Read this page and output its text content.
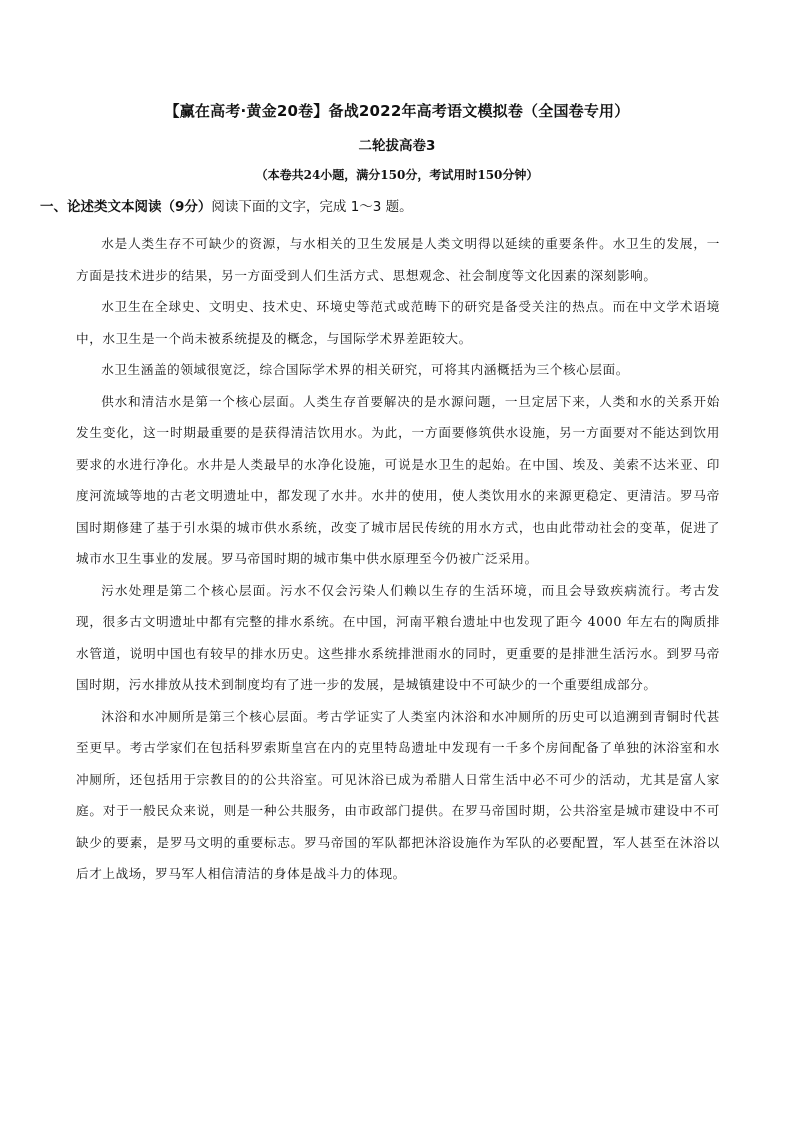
【赢在高考·黄金20卷】备战2022年高考语文模拟卷（全国卷专用）
二轮拔高卷3
（本卷共24小题，满分150分，考试用时150分钟）
一、论述类文本阅读（9分）阅读下面的文字，完成 1～3 题。

水是人类生存不可缺少的资源，与水相关的卫生发展是人类文明得以延续的重要条件。水卫生的发展，一方面是技术进步的结果，另一方面受到人们生活方式、思想观念、社会制度等文化因素的深刻影响。

水卫生在全球史、文明史、技术史、环境史等范式或范畴下的研究是备受关注的热点。而在中文学术语境中，水卫生是一个尚未被系统提及的概念，与国际学术界差距较大。

水卫生涵盖的领域很宽泛，综合国际学术界的相关研究，可将其内涵概括为三个核心层面。

供水和清洁水是第一个核心层面。人类生存首要解决的是水源问题，一旦定居下来，人类和水的关系开始发生变化，这一时期最重要的是获得清洁饮用水。为此，一方面要修筑供水设施，另一方面要对不能达到饮用要求的水进行净化。水井是人类最早的水净化设施，可说是水卫生的起始。在中国、埃及、美索不达米亚、印度河流域等地的古老文明遗址中，都发现了水井。水井的使用，使人类饮用水的来源更稳定、更清洁。罗马帝国时期修建了基于引水渠的城市供水系统，改变了城市居民传统的用水方式，也由此带动社会的变革，促进了城市水卫生事业的发展。罗马帝国时期的城市集中供水原理至今仍被广泛采用。

污水处理是第二个核心层面。污水不仅会污染人们赖以生存的生活环境，而且会导致疾病流行。考古发现，很多古文明遗址中都有完整的排水系统。在中国，河南平粮台遗址中也发现了距今 4000 年左右的陶质排水管道，说明中国也有较早的排水历史。这些排水系统排泄雨水的同时，更重要的是排泄生活污水。到罗马帝国时期，污水排放从技术到制度均有了进一步的发展，是城镇建设中不可缺少的一个重要组成部分。

沐浴和水冲厕所是第三个核心层面。考古学证实了人类室内沐浴和水冲厕所的历史可以追溯到青铜时代甚至更早。考古学家们在包括科罗索斯皇宫在内的克里特岛遗址中发现有一千多个房间配备了单独的沐浴室和水冲厕所，还包括用于宗教目的的公共浴室。可见沐浴已成为希腊人日常生活中必不可少的活动，尤其是富人家庭。对于一般民众来说，则是一种公共服务，由市政部门提供。在罗马帝国时期，公共浴室是城市建设中不可缺少的要素，是罗马文明的重要标志。罗马帝国的军队都把沐浴设施作为军队的必要配置，军人甚至在沐浴以后才上战场，罗马军人相信清洁的身体是战斗力的体现。
